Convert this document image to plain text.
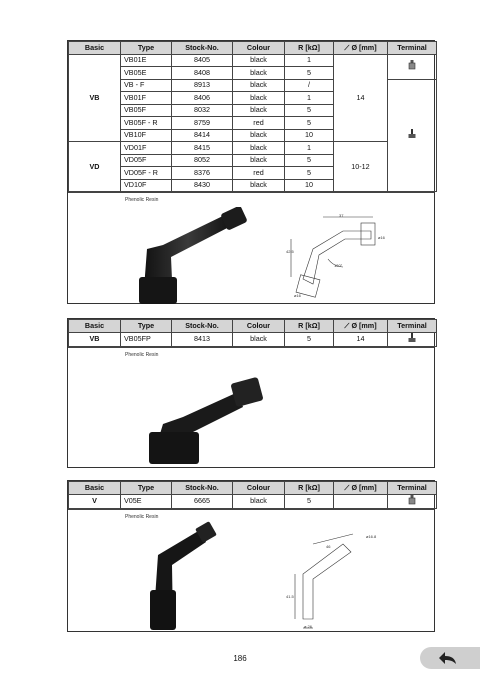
Basic	Type	Stock-No.	Colour	R [kΩ]	⟋ Ø [mm]	Terminal
VB	VB01E	8405	black	1	14	
	VB05E	8408	black	5		
	VB - F	8913	black	/	
	VB01F	8406	black	1		
	VB05F	8032	black	5		
	VB05F - R	8759	red	5		
	VB10F	8414	black	10		
VD	VD01F	8415	black	1	10-12	
	VD05F	8052	black	5		
	VD05F - R	8376	red	5		
	VD10F	8430	black	10		
Phenolic Resin
37
42.5
120°
ø16
ø16
Basic	Type	Stock-No.	Colour	R [kΩ]	⟋ Ø [mm]	Terminal
VB	VB05FP	8413	black	5	14	
Phenolic Resin
Basic	Type	Stock-No.	Colour	R [kΩ]	⟋ Ø [mm]	Terminal
V	V05E	6665	black	5		
Phenolic Resin
46
ø16.8
41.5
ø 26
186
